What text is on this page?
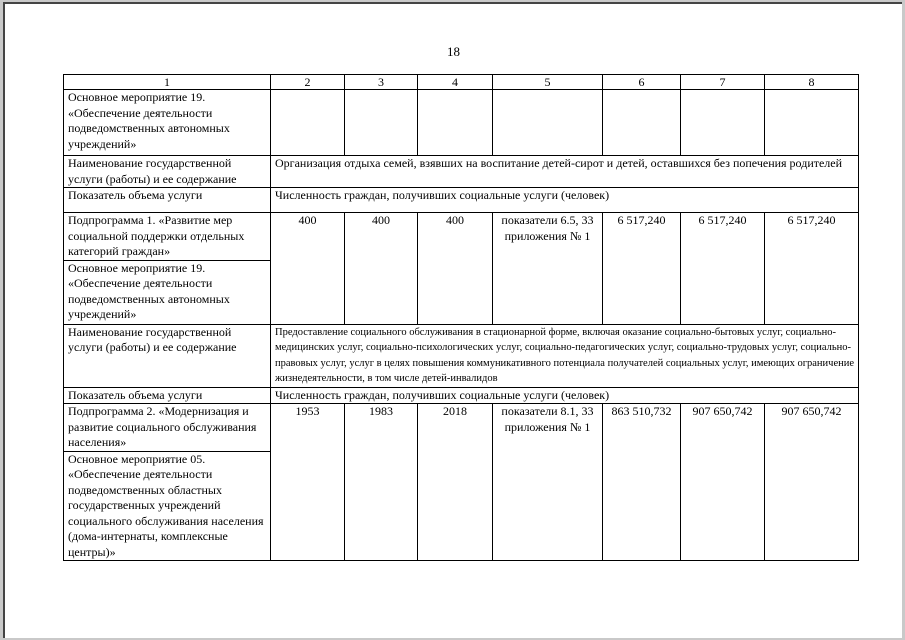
18
1	2	3	4	5	6	7	8
Основное мероприятие 19. «Обеспечение деятельности подведомственных автономных учреждений»							
Наименование государственной услуги (работы) и ее содержание	Организация отдыха семей, взявших на воспитание детей-сирот и детей, оставшихся без попечения родителей						
Показатель объема услуги	Численность граждан, получивших социальные услуги (человек)						
Подпрограмма 1. «Развитие мер социальной поддержки отдельных категорий граждан»	400	400	400	показатели 6.5, 33 приложения № 1	6 517,240	6 517,240	6 517,240
Основное мероприятие 19. «Обеспечение деятельности подведомственных автономных учреждений»							
Наименование государственной услуги (работы) и ее содержание	Предоставление социального обслуживания в стационарной форме, включая оказание социально-бытовых услуг, социально-медицинских услуг, социально-психологических услуг, социально-педагогических услуг, социально-трудовых услуг, социально-правовых услуг, услуг в целях повышения коммуникативного потенциала получателей социальных услуг, имеющих ограничение жизнедеятельности, в том числе детей-инвалидов						
Показатель объема услуги	Численность граждан, получивших социальные услуги (человек)						
Подпрограмма 2. «Модернизация и развитие социального обслуживания населения»	1953	1983	2018	показатели 8.1, 33 приложения № 1	863 510,732	907 650,742	907 650,742
Основное мероприятие 05. «Обеспечение деятельности подведомственных областных государственных учреждений социального обслуживания населения (дома-интернаты, комплексные центры)»							
